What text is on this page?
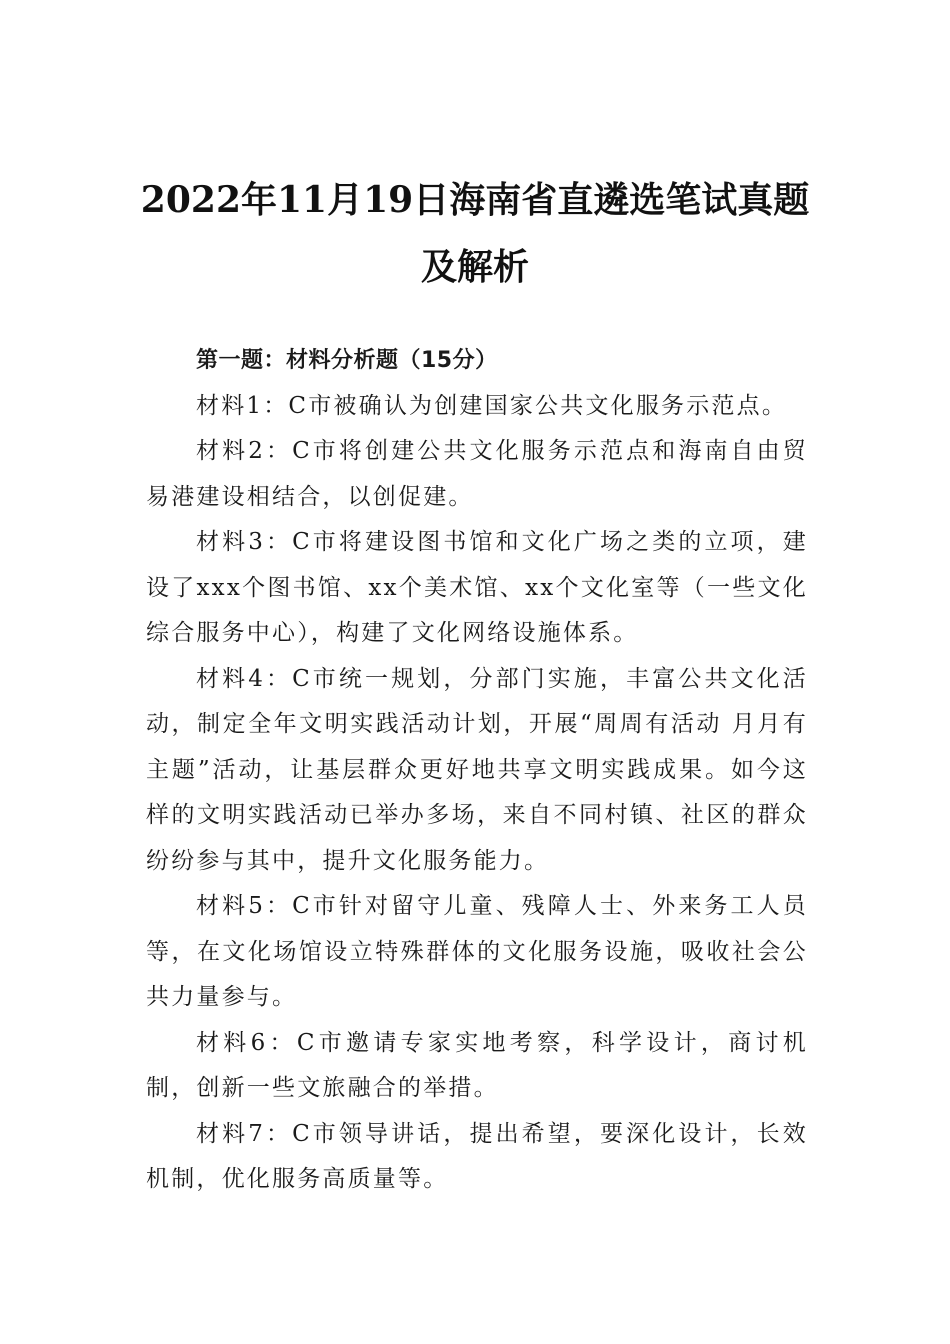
2022年11月19日海南省直遴选笔试真题
及解析

第一题：材料分析题（15分）

材料1：C市被确认为创建国家公共文化服务示范点。

材料2：C市将创建公共文化服务示范点和海南自由贸易港建设相结合，以创促建。

材料3：C市将建设图书馆和文化广场之类的立项，建设了xxx个图书馆、xx个美术馆、xx个文化室等（一些文化综合服务中心），构建了文化网络设施体系。

材料4：C市统一规划，分部门实施，丰富公共文化活动，制定全年文明实践活动计划，开展“周周有活动 月月有主题”活动，让基层群众更好地共享文明实践成果。如今这样的文明实践活动已举办多场，来自不同村镇、社区的群众纷纷参与其中，提升文化服务能力。

材料5：C市针对留守儿童、残障人士、外来务工人员等，在文化场馆设立特殊群体的文化服务设施，吸收社会公共力量参与。

材料6：C市邀请专家实地考察，科学设计，商讨机制，创新一些文旅融合的举措。

材料7：C市领导讲话，提出希望，要深化设计，长效机制，优化服务高质量等。
